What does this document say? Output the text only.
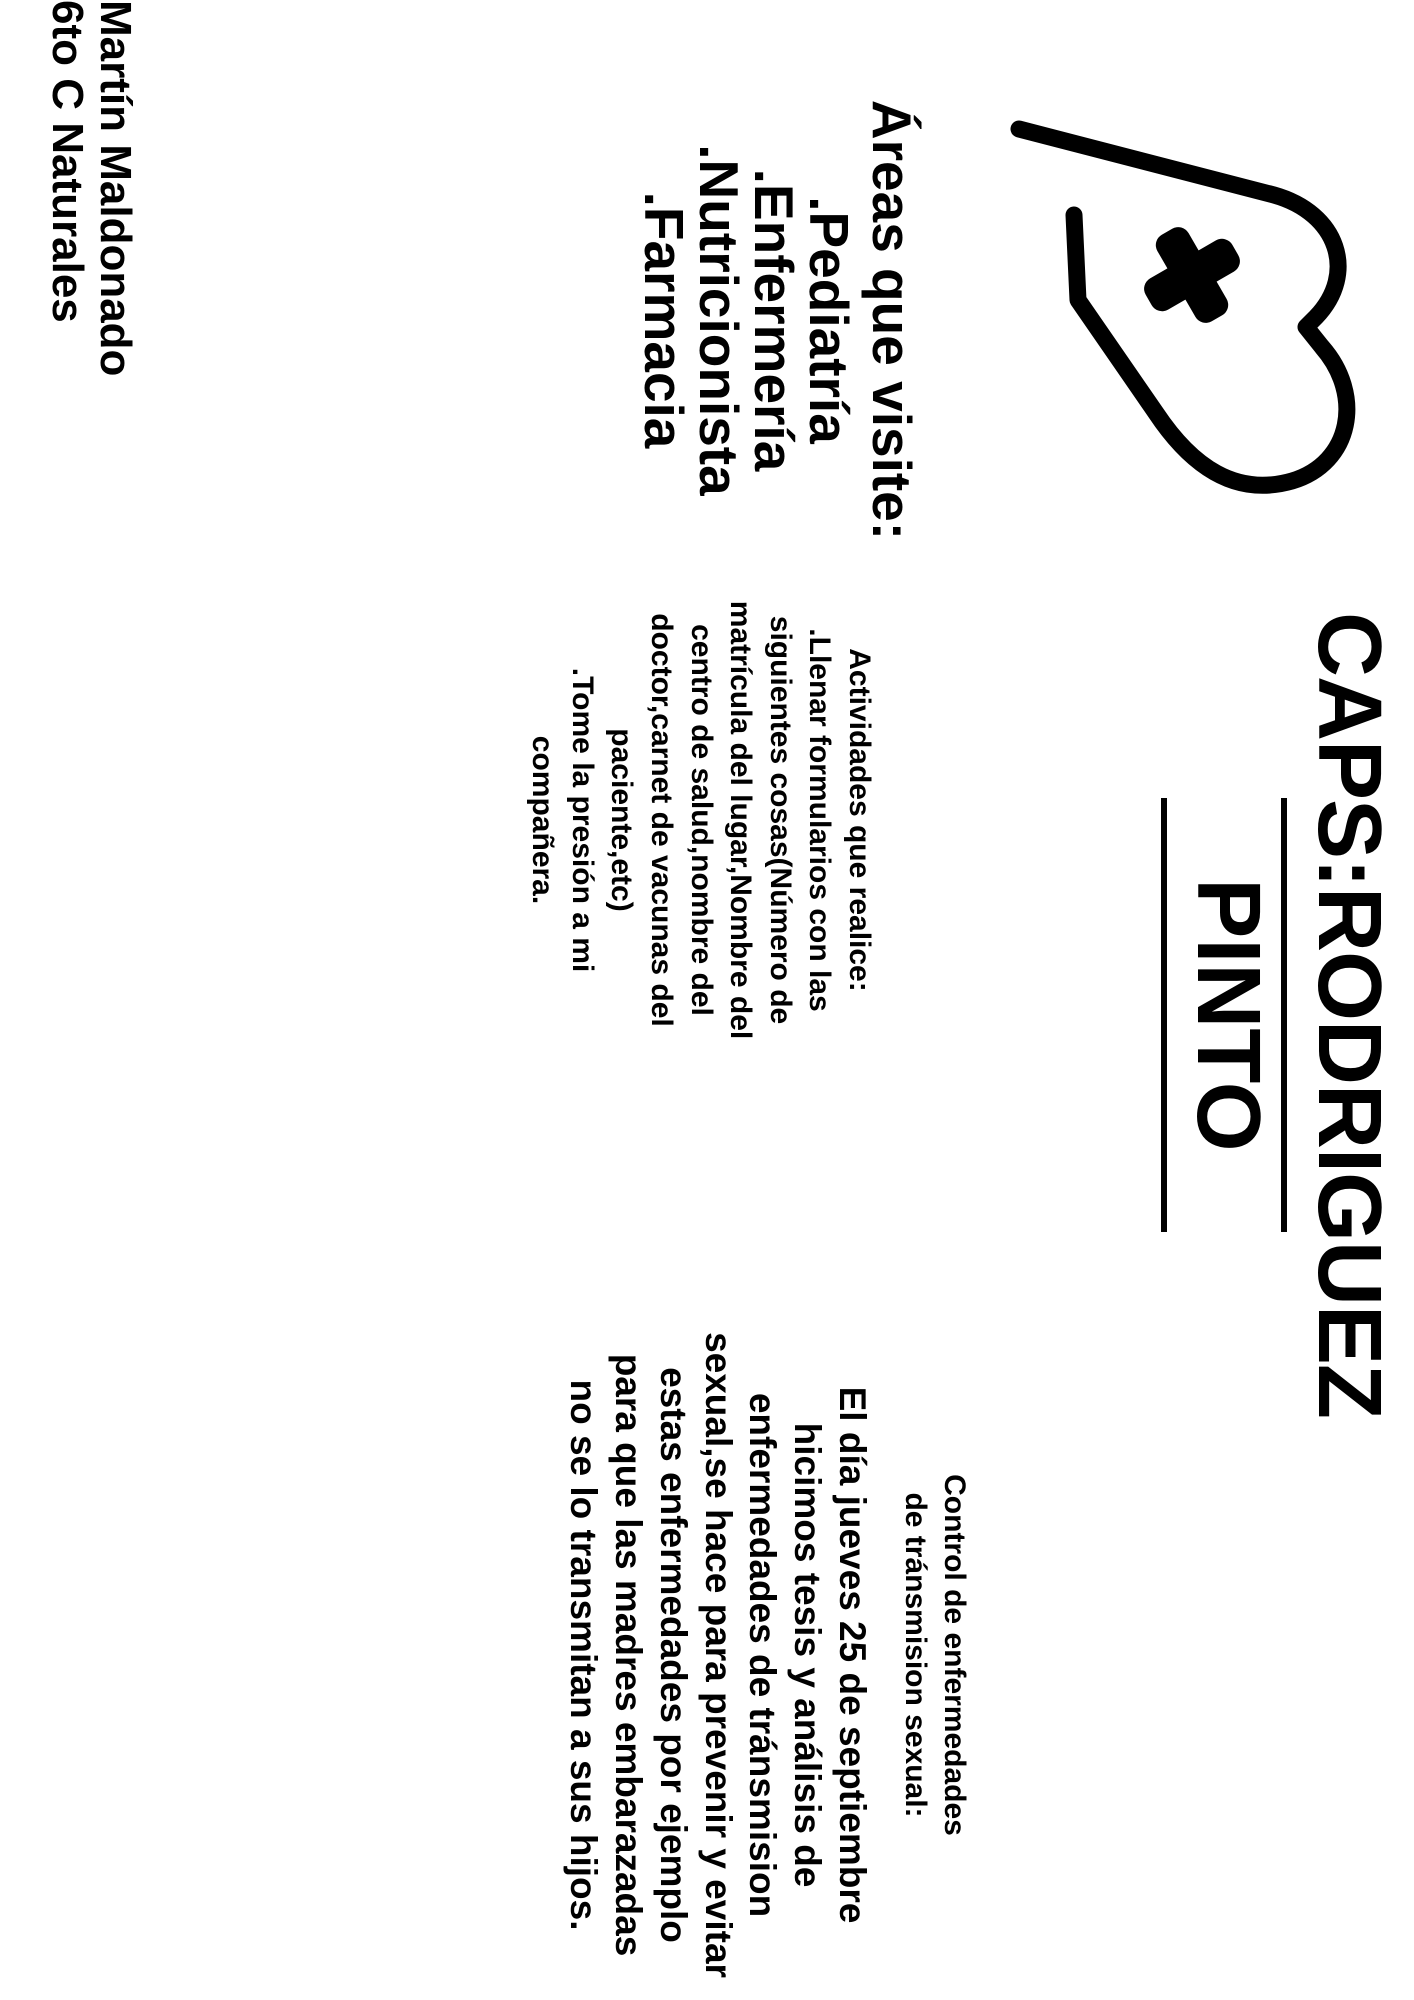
Áreas que visite:

.Pediatría
.Enfermería
.Nutricionista
.Farmacia
Martín Maldonado
6to C Naturales
CAPS:RODRIGUEZ
PINTO

Actividades que realice:

.Llenar formularios con las siguientes cosas(Número de matrícula del lugar,Nombre del centro de salud,nombre del doctor,carnet de vacunas del paciente,etc)

.Tome la presión a mi compañera.

Control de enfermedades de tránsmision sexual:

El día jueves 25 de septiembre hicimos tesis y análisis de enfermedades de tránsmision sexual,se hace para prevenir y evitar estas enfermedades por ejemplo para que las madres embarazadas no se lo transmitan a sus hijos.
